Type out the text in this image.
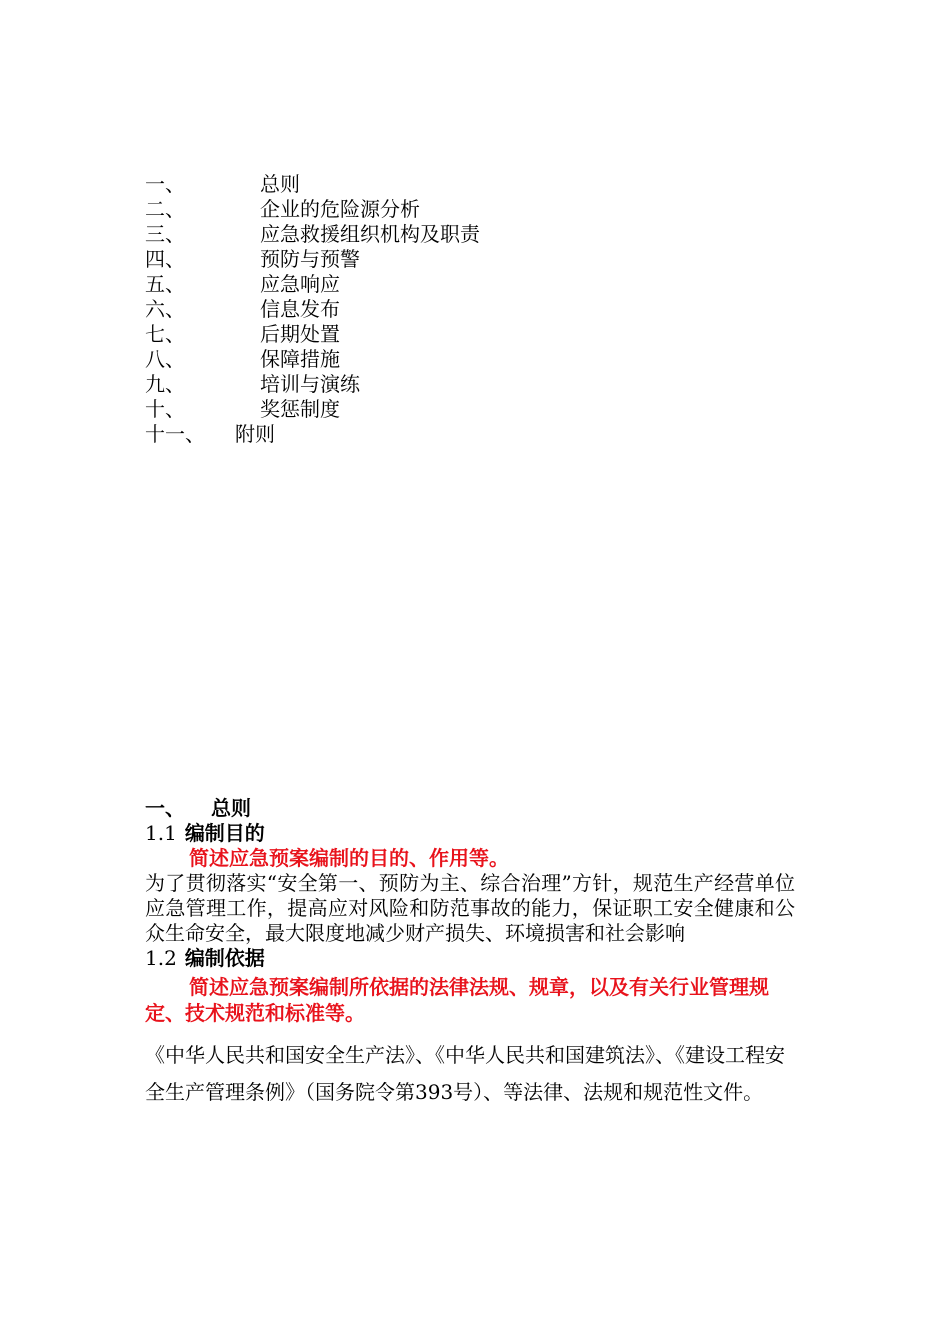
一、	总则
二、	企业的危险源分析
三、	应急救援组织机构及职责
四、	预防与预警
五、	应急响应
六、	信息发布
七、	后期处置
八、	保障措施
九、	培训与演练
十、	奖惩制度
十一、 附则
一、 总则
1.1 编制目的
简述应急预案编制的目的、作用等。
为了贯彻落实“安全第一、预防为主、综合治理”方针，规范生产经营单位应急管理工作，提高应对风险和防范事故的能力，保证职工安全健康和公众生命安全，最大限度地减少财产损失、环境损害和社会影响
1.2 编制依据
简述应急预案编制所依据的法律法规、规章，以及有关行业管理规定、技术规范和标准等。
《中华人民共和国安全生产法》、《中华人民共和国建筑法》、《建设工程安全生产管理条例》（国务院令第393号）、等法律、法规和规范性文件。
